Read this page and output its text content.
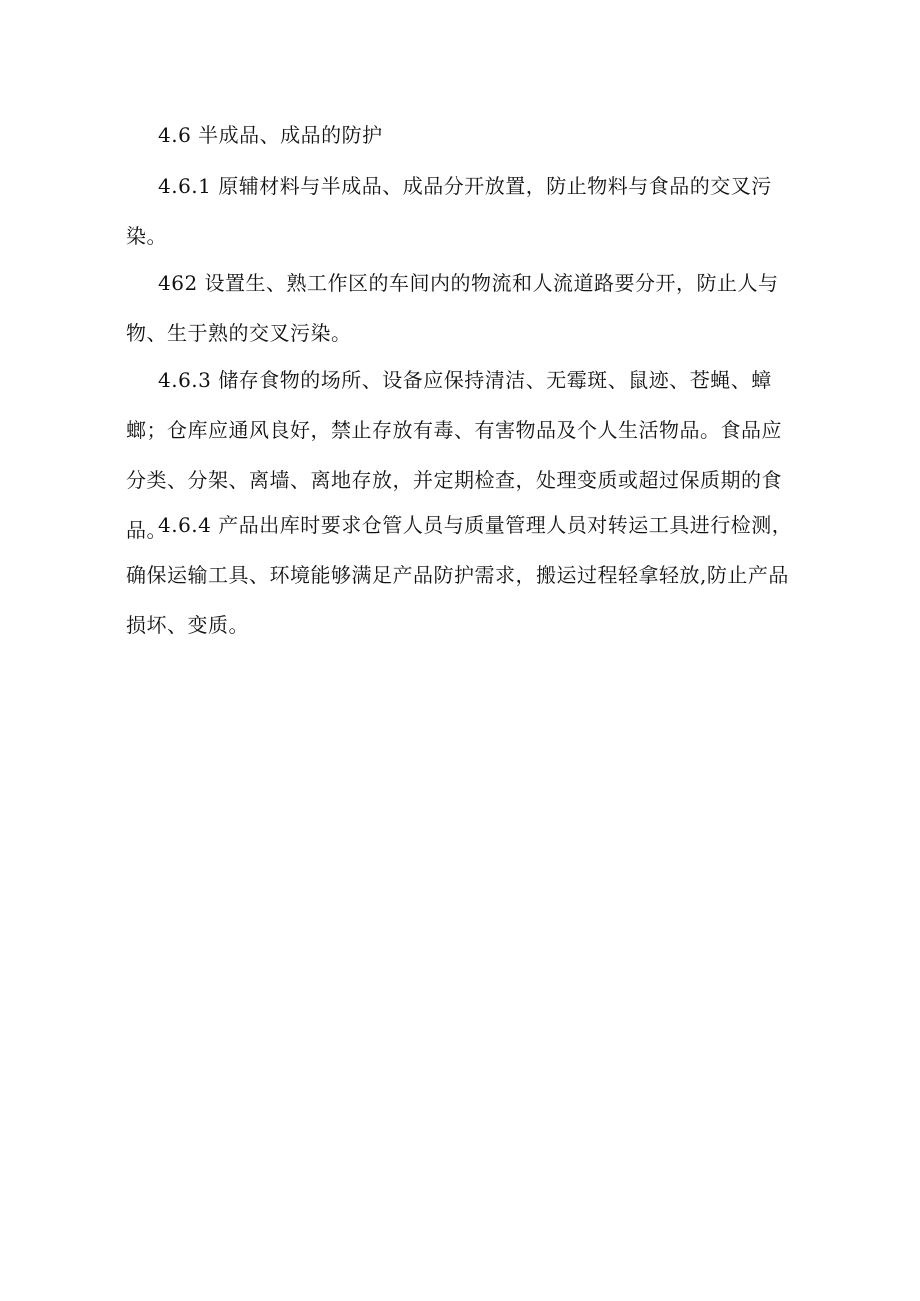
4.6 半成品、成品的防护

4.6.1 原辅材料与半成品、成品分开放置，防止物料与食品的交叉污染。

462 设置生、熟工作区的车间内的物流和人流道路要分开，防止人与物、生于熟的交叉污染。

4.6.3 储存食物的场所、设备应保持清洁、无霉斑、鼠迹、苍蝇、蟑螂；仓库应通风良好，禁止存放有毒、有害物品及个人生活物品。食品应分类、分架、离墙、离地存放，并定期检查，处理变质或超过保质期的食品。

4.6.4 产品出库时要求仓管人员与质量管理人员对转运工具进行检测，确保运输工具、环境能够满足产品防护需求，搬运过程轻拿轻放,防止产品损坏、变质。
